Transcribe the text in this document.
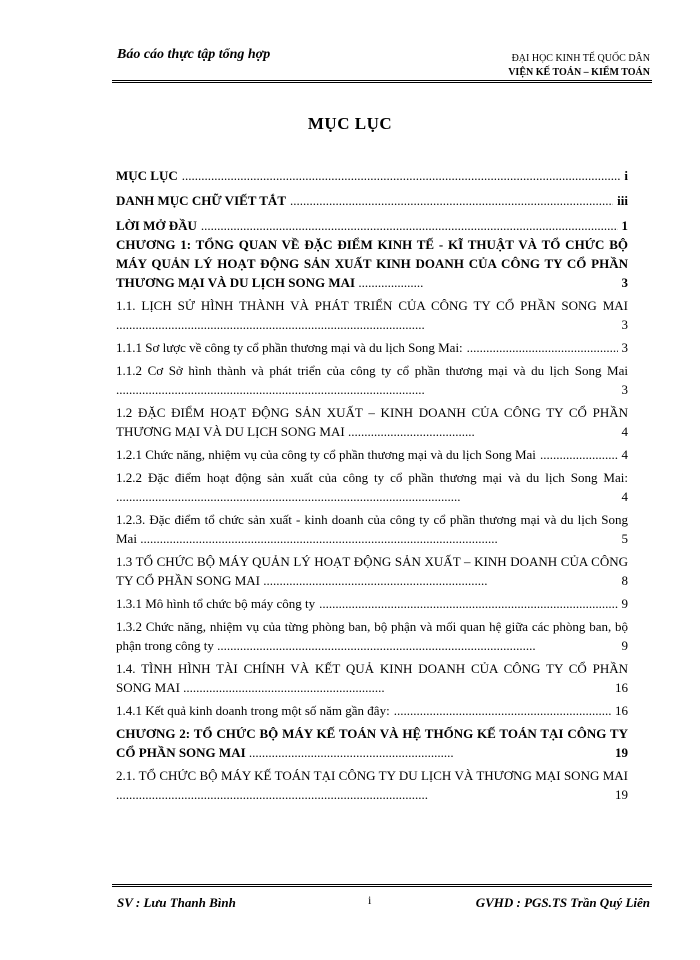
Báo cáo thực tập tổng hợp	ĐẠI HỌC KINH TẾ QUỐC DÂN
VIỆN KẾ TOÁN – KIỂM TOÁN
MỤC LỤC
MỤC LỤC .....	i
DANH MỤC CHỮ VIẾT TẮT .....	iii
LỜI MỞ ĐẦU .....	1
CHƯƠNG 1: TỔNG QUAN VỀ ĐẶC ĐIỂM KINH TẾ - KĨ THUẬT VÀ TỔ CHỨC BỘ MÁY QUẢN LÝ HOẠT ĐỘNG SẢN XUẤT KINH DOANH CỦA CÔNG TY CỔ PHẦN THƯƠNG MẠI VÀ DU LỊCH SONG MAI ....................	3
1.1. LỊCH SỬ HÌNH THÀNH VÀ PHÁT TRIỂN CỦA CÔNG TY CỔ PHẦN SONG MAI ...............................................................................................	3
1.1.1 Sơ lược về công ty cổ phần thương mại và du lịch Song Mai: .....	3
1.1.2 Cơ Sở hình thành và phát triển của công ty cổ phần thương mại và du lịch Song Mai ...............................................................................................	3
1.2 ĐẶC ĐIỂM HOẠT ĐỘNG SẢN XUẤT – KINH DOANH CỦA CÔNG TY CỔ PHẦN THƯƠNG MẠI VÀ DU LỊCH SONG MAI .......................................	4
1.2.1 Chức năng, nhiệm vụ của công ty cổ phần thương mại và du lịch Song Mai .....	4
1.2.2 Đặc điểm hoạt động sản xuất của công ty cổ phần thương mại và du lịch Song Mai: ..........................................................................................................	4
1.2.3. Đặc điểm tổ chức sản xuất - kinh doanh của công ty cổ phần thương mại và du lịch Song Mai ..............................................................................................................	5
1.3 TỔ CHỨC BỘ MÁY QUẢN LÝ HOẠT ĐỘNG SẢN XUẤT – KINH DOANH CỦA CÔNG TY CỔ PHẦN SONG MAI .....................................................................	8
1.3.1 Mô hình tổ chức bộ máy công ty .....	9
1.3.2 Chức năng, nhiệm vụ của từng phòng ban, bộ phận và mối quan hệ giữa các phòng ban, bộ phận trong công ty ..................................................................................................	9
1.4. TÌNH HÌNH TÀI CHÍNH VÀ KẾT QUẢ KINH DOANH CỦA CÔNG TY CỔ PHẦN SONG MAI ..............................................................	16
1.4.1 Kết quả kinh doanh trong một số năm gần đây: .....	16
CHƯƠNG 2: TỔ CHỨC BỘ MÁY KẾ TOÁN VÀ HỆ THỐNG KẾ TOÁN TẠI CÔNG TY CỔ PHẦN SONG MAI ...............................................................	19
2.1. TỔ CHỨC BỘ MÁY KẾ TOÁN TẠI CÔNG TY DU LỊCH VÀ THƯƠNG MẠI SONG MAI ................................................................................................	19
SV : Lưu Thanh Bình	i	GVHD : PGS.TS Trần Quý Liên
